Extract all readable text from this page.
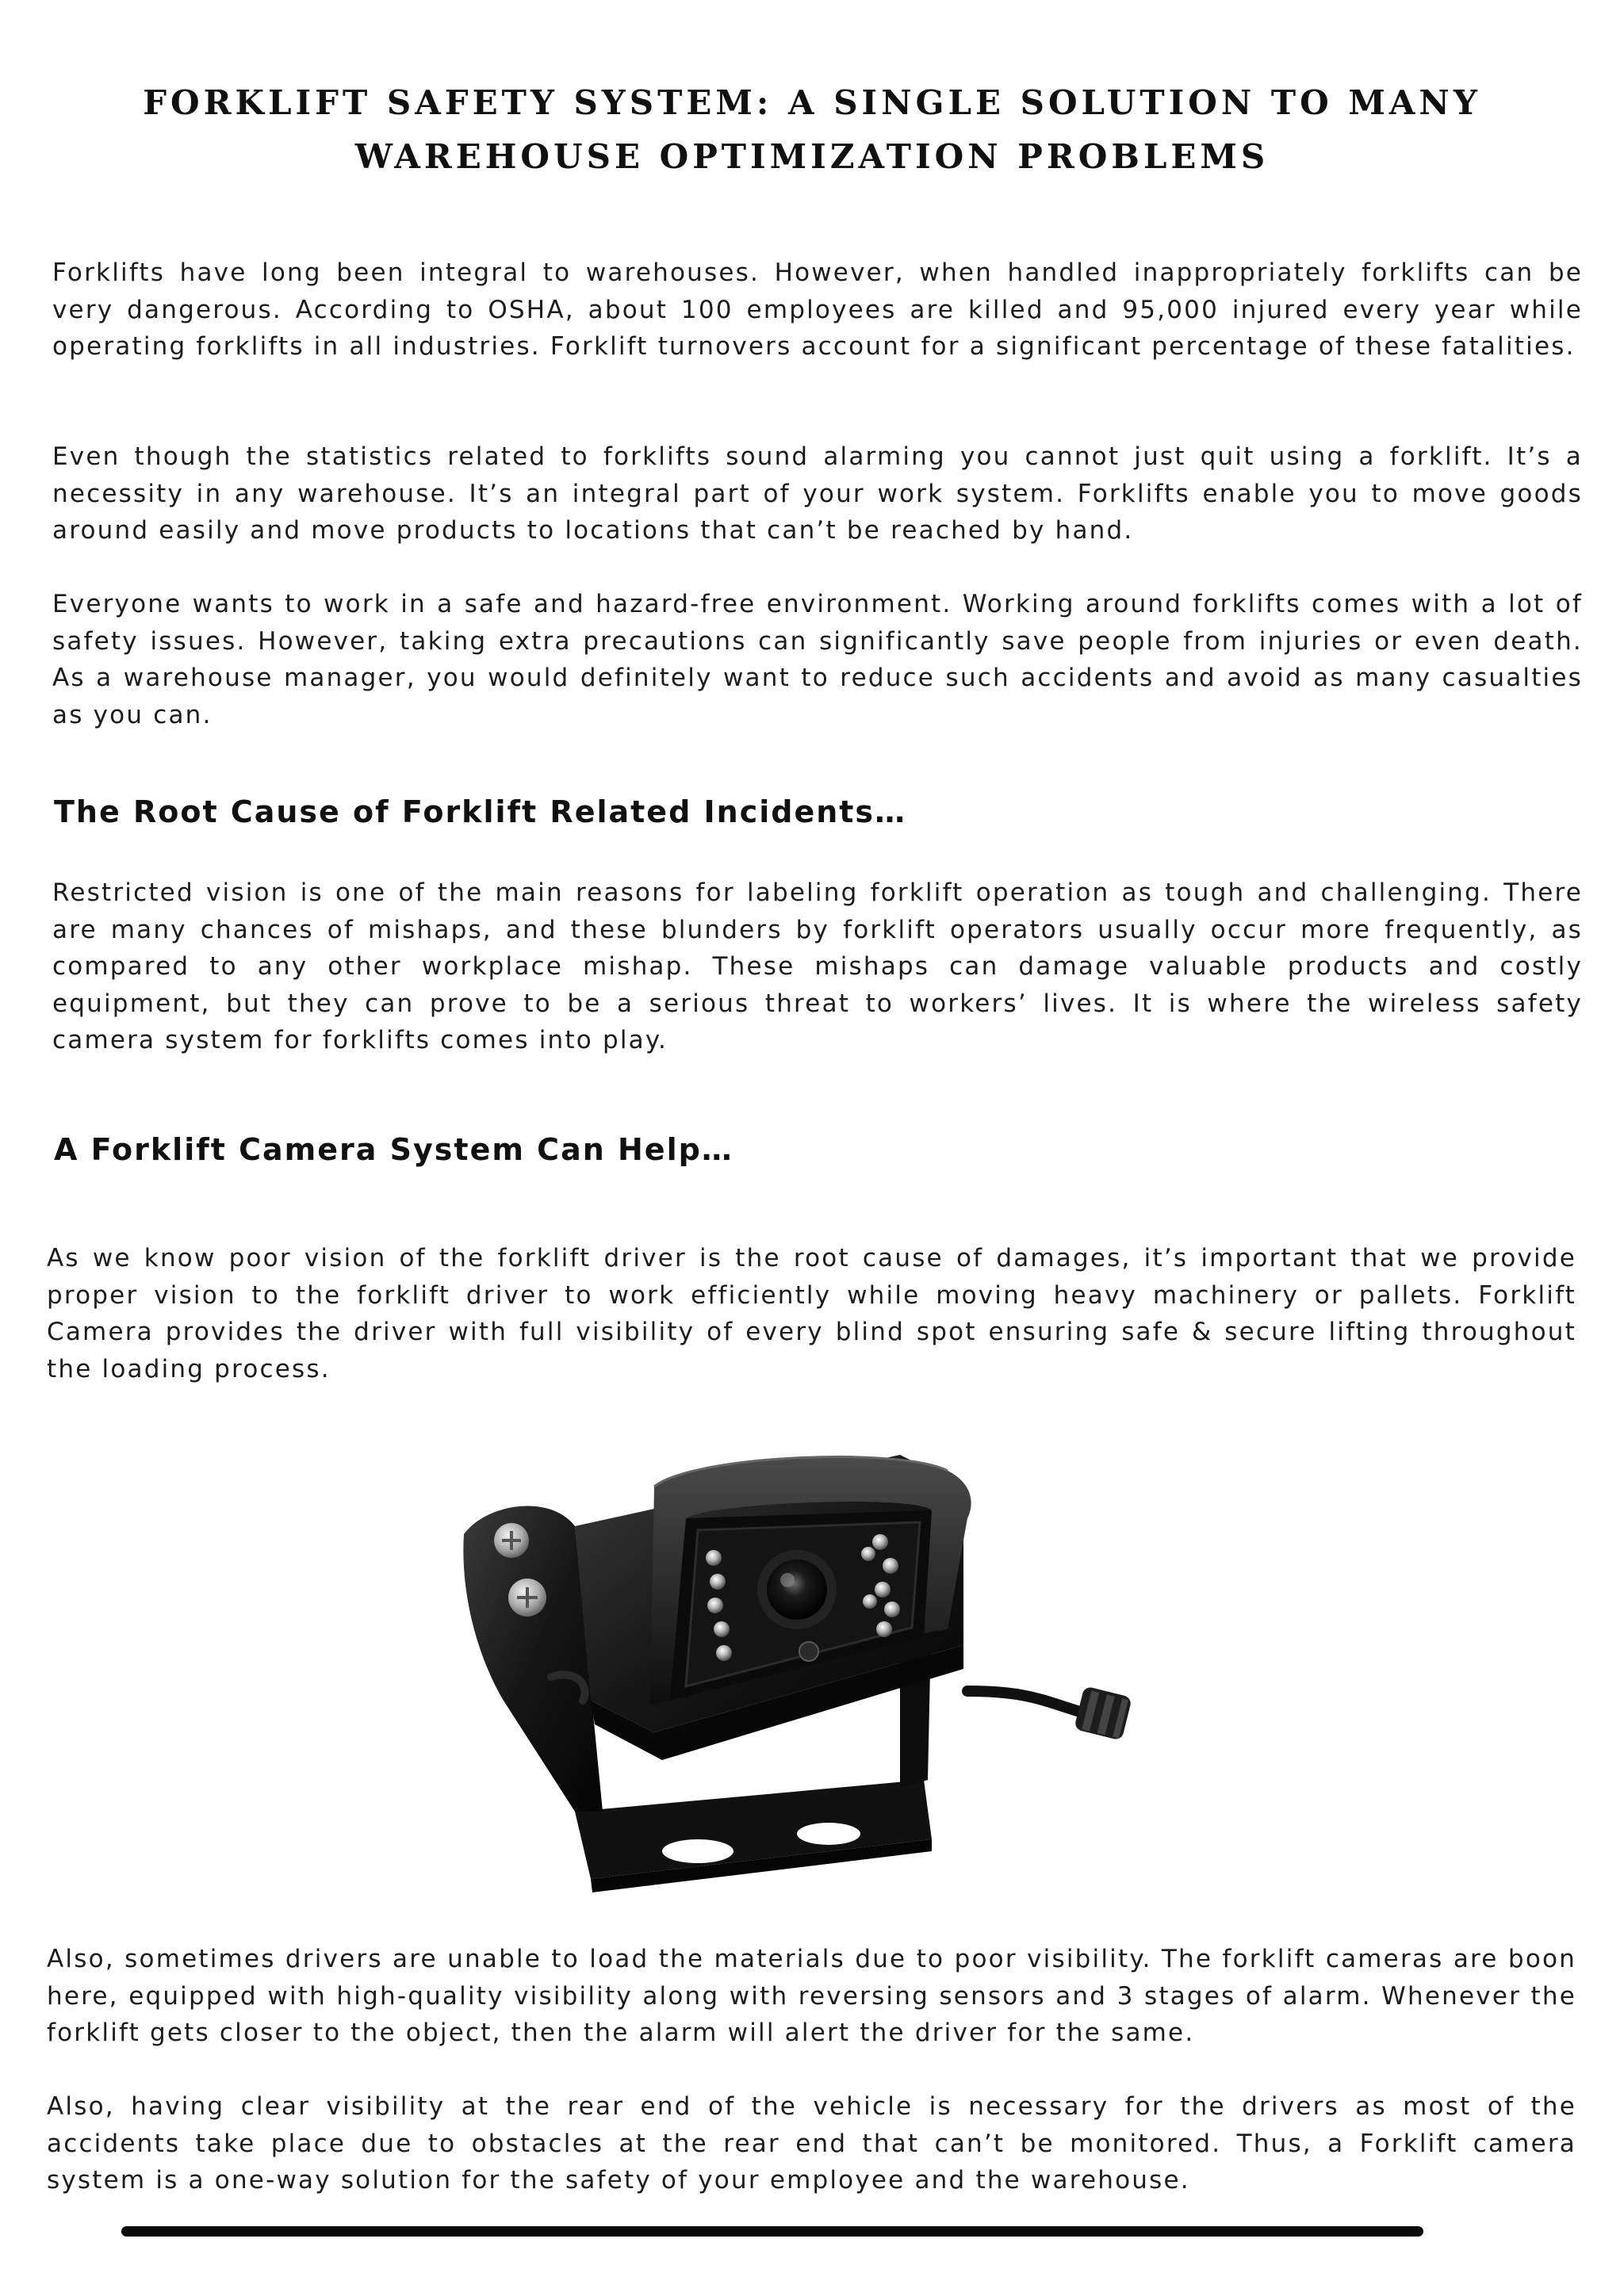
FORKLIFT SAFETY SYSTEM: A SINGLE SOLUTION TO MANY WAREHOUSE OPTIMIZATION PROBLEMS

Forklifts have long been integral to warehouses. However, when handled inappropriately forklifts can be very dangerous. According to OSHA, about 100 employees are killed and 95,000 injured every year while operating forklifts in all industries. Forklift turnovers account for a significant percentage of these fatalities.

Even though the statistics related to forklifts sound alarming you cannot just quit using a forklift. It’s a necessity in any warehouse. It’s an integral part of your work system. Forklifts enable you to move goods around easily and move products to locations that can’t be reached by hand.

Everyone wants to work in a safe and hazard-free environment. Working around forklifts comes with a lot of safety issues. However, taking extra precautions can significantly save people from injuries or even death. As a warehouse manager, you would definitely want to reduce such accidents and avoid as many casualties as you can.

The Root Cause of Forklift Related Incidents…

Restricted vision is one of the main reasons for labeling forklift operation as tough and challenging. There are many chances of mishaps, and these blunders by forklift operators usually occur more frequently, as compared to any other workplace mishap. These mishaps can damage valuable products and costly equipment, but they can prove to be a serious threat to workers’ lives. It is where the wireless safety camera system for forklifts comes into play.

A Forklift Camera System Can Help…

As we know poor vision of the forklift driver is the root cause of damages, it’s important that we provide proper vision to the forklift driver to work efficiently while moving heavy machinery or pallets. Forklift Camera provides the driver with full visibility of every blind spot ensuring safe & secure lifting throughout the loading process.

Also, sometimes drivers are unable to load the materials due to poor visibility. The forklift cameras are boon here, equipped with high-quality visibility along with reversing sensors and 3 stages of alarm. Whenever the forklift gets closer to the object, then the alarm will alert the driver for the same.

Also, having clear visibility at the rear end of the vehicle is necessary for the drivers as most of the accidents take place due to obstacles at the rear end that can’t be monitored. Thus, a Forklift camera system is a one-way solution for the safety of your employee and the warehouse.
